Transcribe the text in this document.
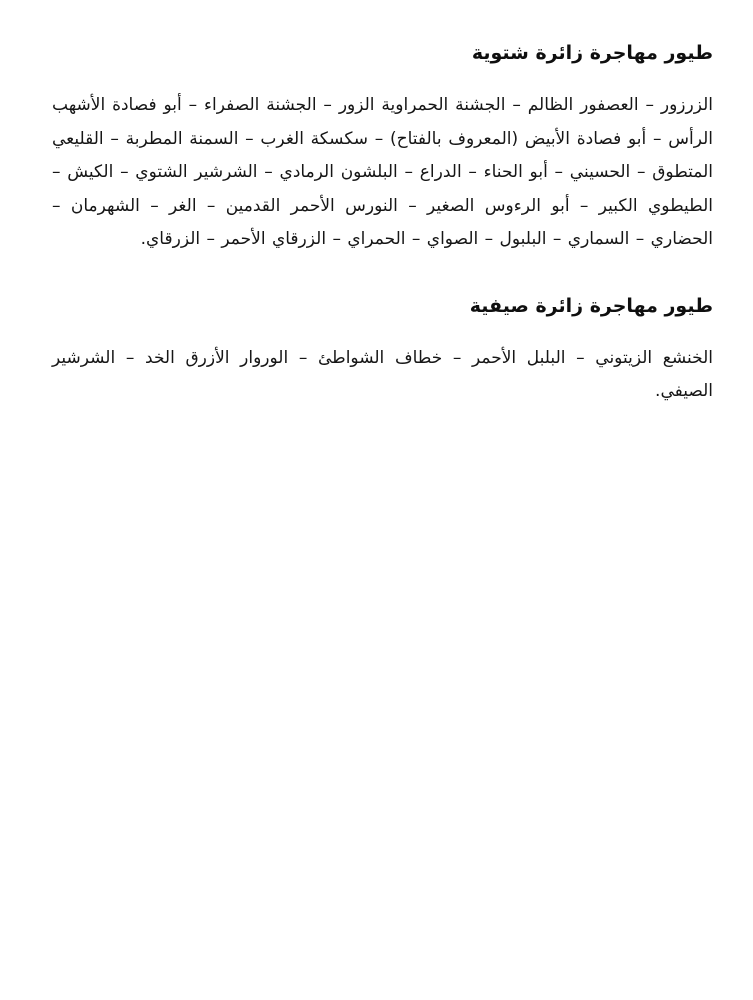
طيور مهاجرة زائرة شتوية

الزرزور – العصفور الظالم – الجشنة الحمراوية الزور – الجشنة الصفراء – أبو فصادة الأشهب الرأس – أبو فصادة الأبيض (المعروف بالفتاح) – سكسكة الغرب – السمنة المطربة – القليعي المتطوق – الحسيني – أبو الحناء – الدراع – البلشون الرمادي – الشرشير الشتوي – الكيش – الطيطوي الكبير – أبو الرءوس الصغير – النورس الأحمر القدمين – الغر – الشهرمان – الحضاري – السماري – البلبول – الصواي – الحمراي – الزرقاي الأحمر – الزرقاي.

طيور مهاجرة زائرة صيفية

الخنشع الزيتوني – البلبل الأحمر – خطاف الشواطئ – الوروار الأزرق الخد – الشرشير الصيفي.
